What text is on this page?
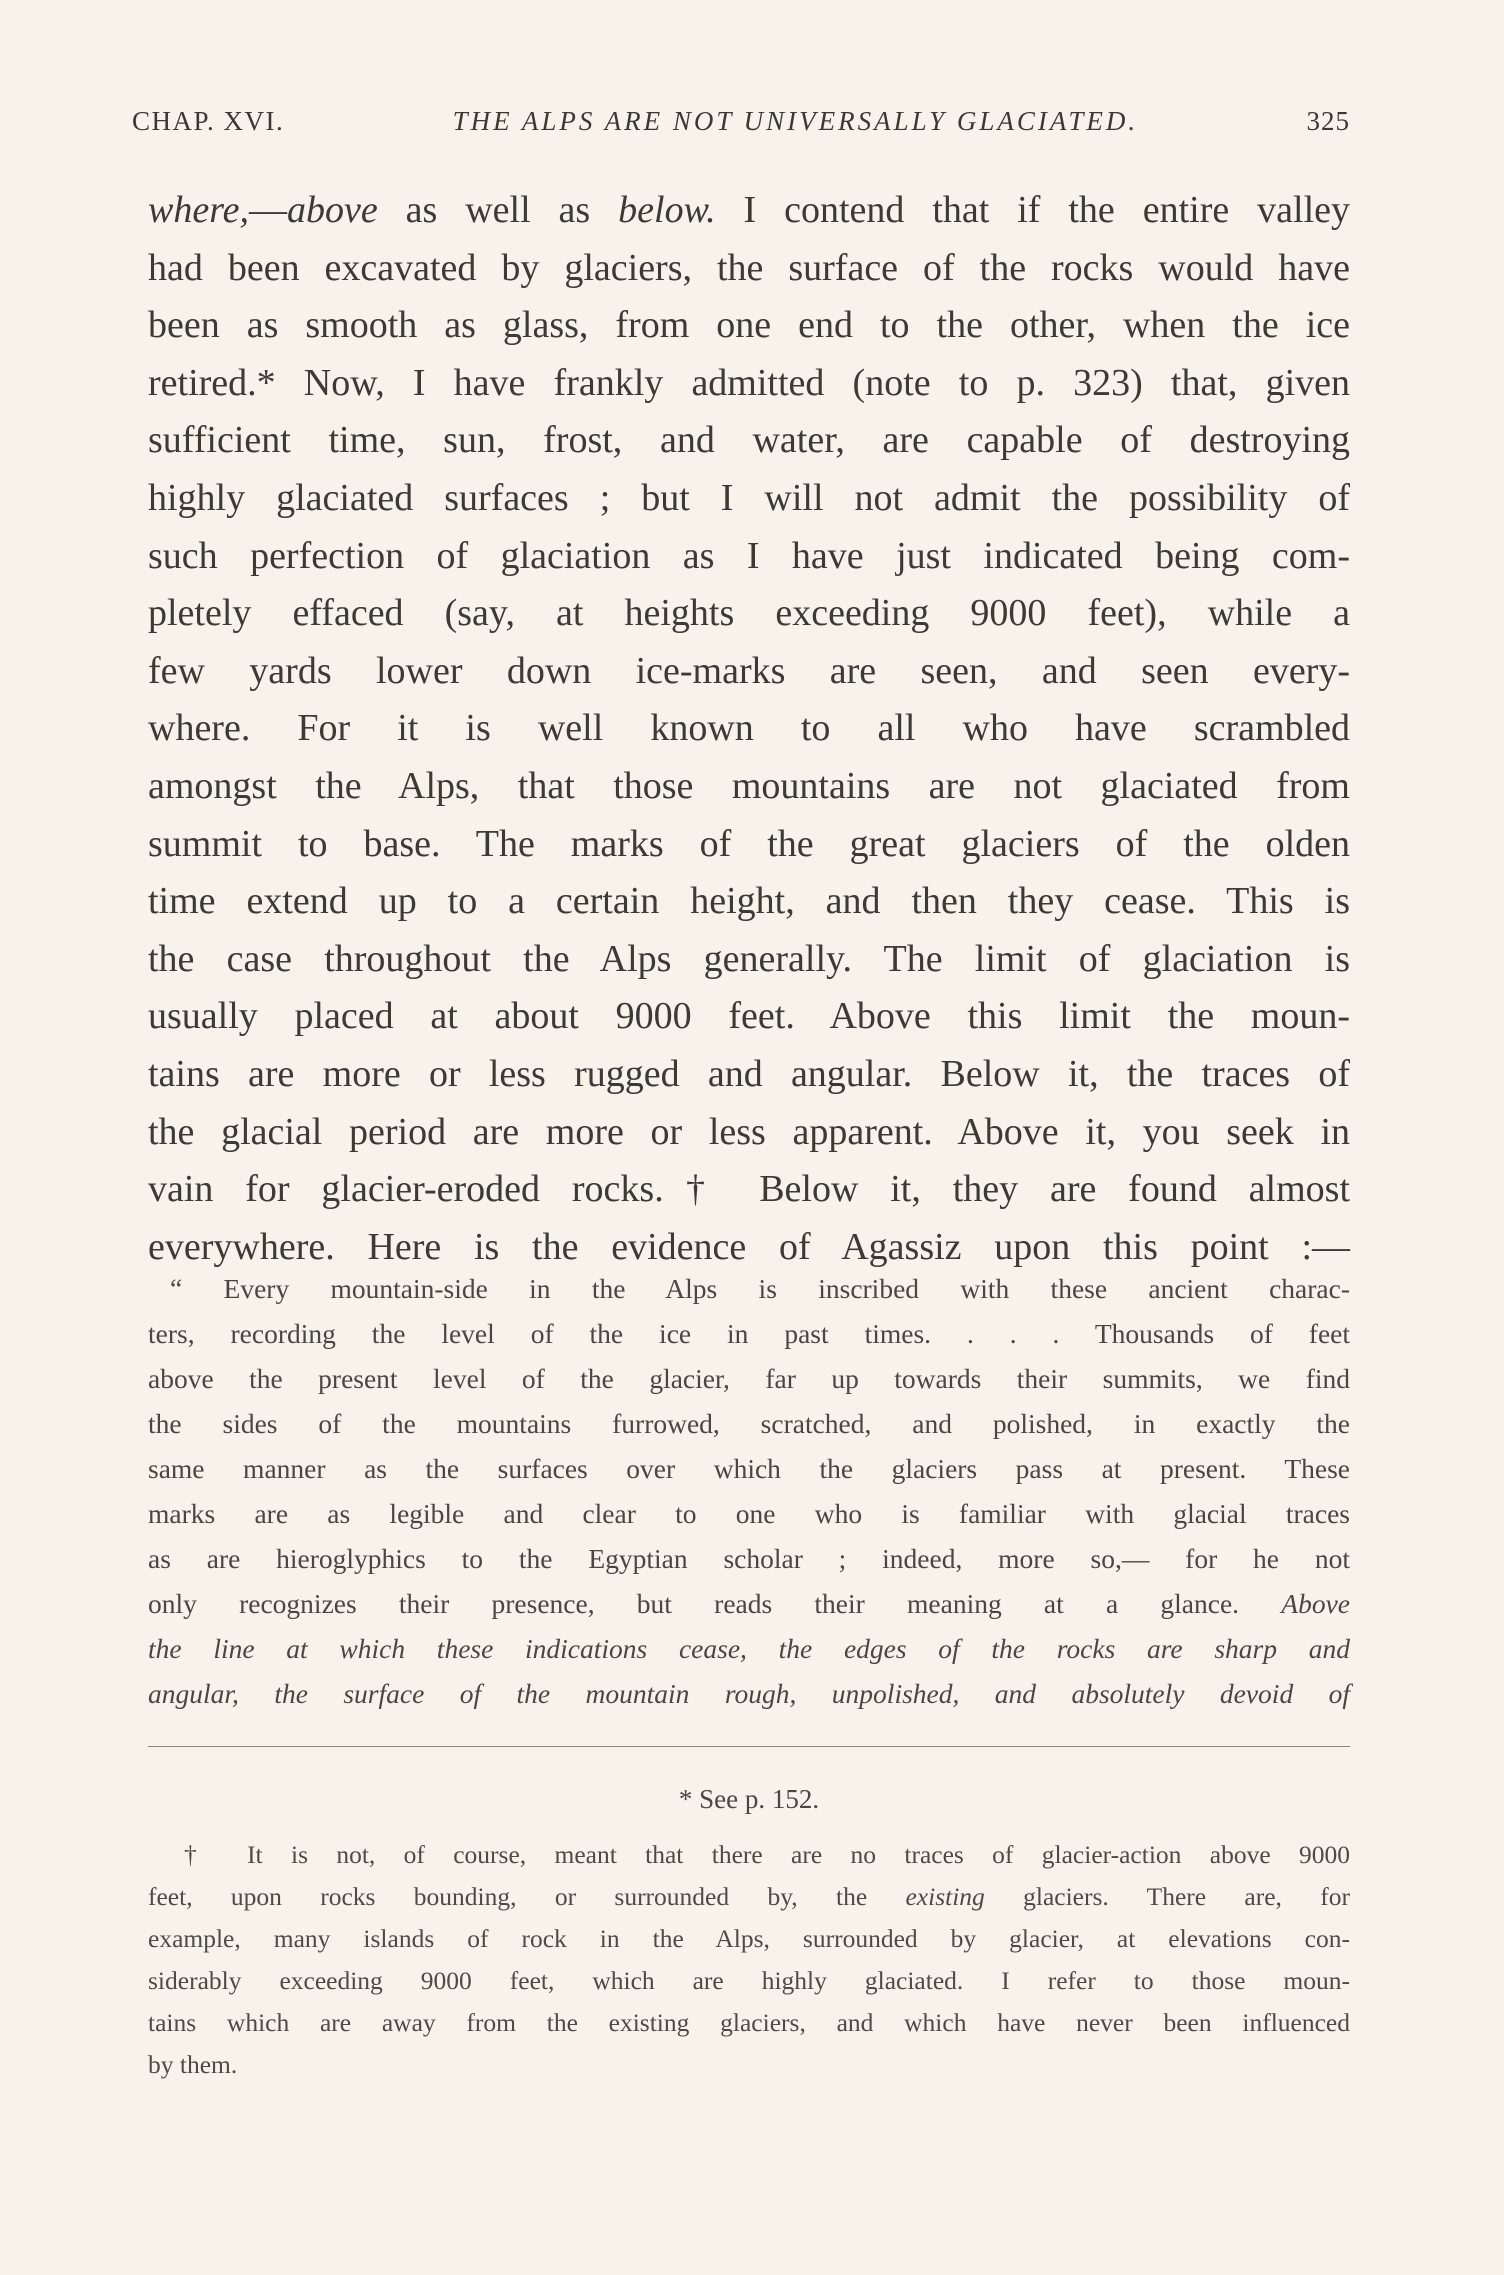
CHAP. XVI.	THE ALPS ARE NOT UNIVERSALLY GLACIATED.	325
where,—above as well as below. I contend that if the entire valley
had been excavated by glaciers, the surface of the rocks would have
been as smooth as glass, from one end to the other, when the ice
retired.* Now, I have frankly admitted (note to p. 323) that, given
sufficient time, sun, frost, and water, are capable of destroying
highly glaciated surfaces ; but I will not admit the possibility of
such perfection of glaciation as I have just indicated being com-
pletely effaced (say, at heights exceeding 9000 feet), while a
few yards lower down ice-marks are seen, and seen every-
where. For it is well known to all who have scrambled
amongst the Alps, that those mountains are not glaciated from
summit to base. The marks of the great glaciers of the olden
time extend up to a certain height, and then they cease. This is
the case throughout the Alps generally. The limit of glaciation is
usually placed at about 9000 feet. Above this limit the moun-
tains are more or less rugged and angular. Below it, the traces of
the glacial period are more or less apparent. Above it, you seek in
vain for glacier-eroded rocks.† Below it, they are found almost
everywhere. Here is the evidence of Agassiz upon this point :—
“ Every mountain-side in the Alps is inscribed with these ancient charac-
ters, recording the level of the ice in past times. . . . Thousands of feet
above the present level of the glacier, far up towards their summits, we find
the sides of the mountains furrowed, scratched, and polished, in exactly the
same manner as the surfaces over which the glaciers pass at present. These
marks are as legible and clear to one who is familiar with glacial traces
as are hieroglyphics to the Egyptian scholar ; indeed, more so,— for he not
only recognizes their presence, but reads their meaning at a glance. Above
the line at which these indications cease, the edges of the rocks are sharp and
angular, the surface of the mountain rough, unpolished, and absolutely devoid of
* See p. 152.
† It is not, of course, meant that there are no traces of glacier-action above 9000
feet, upon rocks bounding, or surrounded by, the existing glaciers. There are, for
example, many islands of rock in the Alps, surrounded by glacier, at elevations con-
siderably exceeding 9000 feet, which are highly glaciated. I refer to those moun-
tains which are away from the existing glaciers, and which have never been influenced
by them.
